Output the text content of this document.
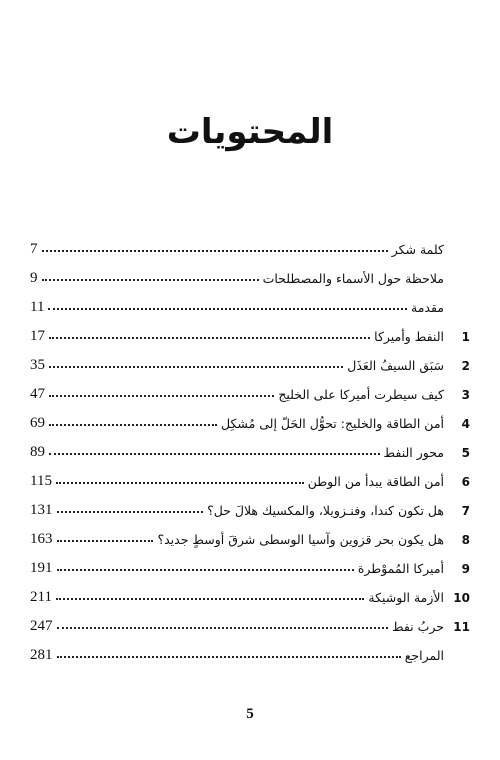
المحتويات
كلمة شكر
7
ملاحظة حول الأسماء والمصطلحات
9
مقدمة
11
1
النفط وأميركا
17
2
سَبَق السيفُ العَذَل
35
3
كيف سيطرت أميركا على الخليج
47
4
أمن الطاقة والخليج: تحوُّل الحَلّ إلى مُشكِل
69
5
محور النفط
89
6
أمن الطاقة يبدأ من الوطن
115
7
هل تكون كندا، وفنـزويلا، والمكسيك هلالَ حل؟
131
8
هل يكون بحر قزوين وآسيا الوسطى شرقَ أوسطٍ جديد؟
163
9
أميركا المُموْطرة
191
10
الأزمة الوشيكة
211
11
حربُ نفط
247
المراجع
281
5
